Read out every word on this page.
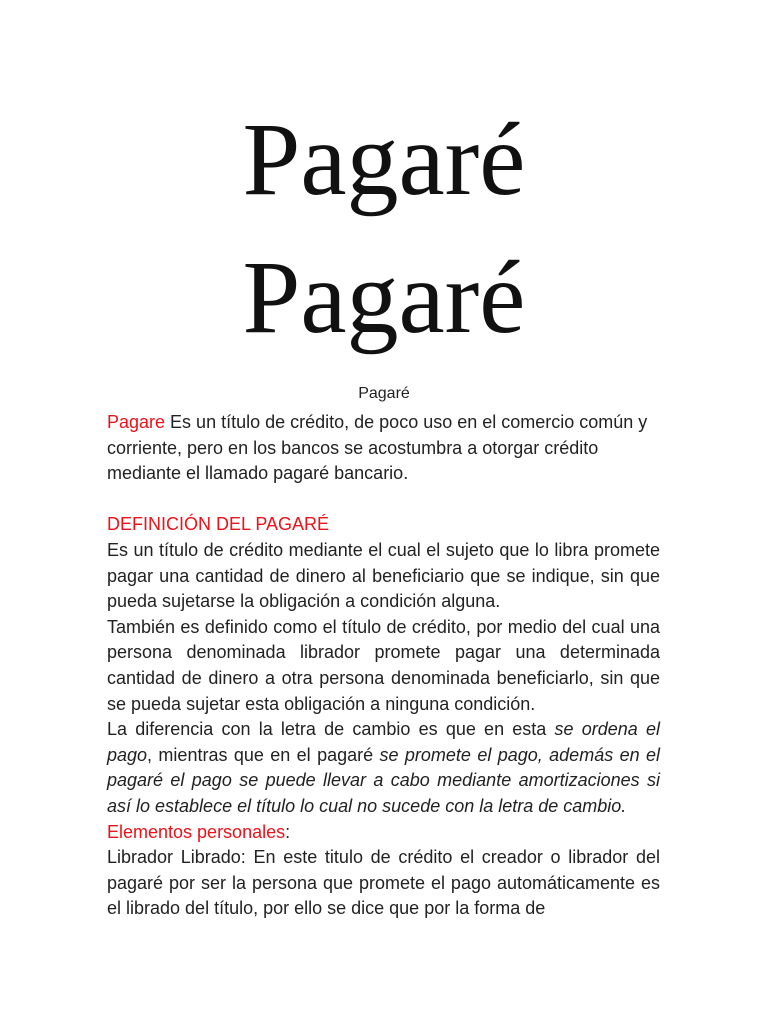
Pagaré
Pagaré
Pagaré

Pagare Es un título de crédito, de poco uso en el comercio común y corriente, pero en los bancos se acostumbra a otorgar crédito mediante el llamado pagaré bancario.

DEFINICIÓN DEL PAGARÉ

Es un título de crédito mediante el cual el sujeto que lo libra promete pagar una cantidad de dinero al beneficiario que se indique, sin que pueda sujetarse la obligación a condición alguna.

También es definido como el título de crédito, por medio del cual una persona denominada librador promete pagar una determinada cantidad de dinero a otra persona denominada beneficiarlo, sin que se pueda sujetar esta obligación a ninguna condición.

La diferencia con la letra de cambio es que en esta se ordena el pago, mientras que en el pagaré se promete el pago, además en el pagaré el pago se puede llevar a cabo mediante amortizaciones si así lo establece el título lo cual no sucede con la letra de cambio.

Elementos personales:

Librador Librado: En este titulo de crédito el creador o librador del pagaré por ser la persona que promete el pago automáticamente es el librado del título, por ello se dice que por la forma de
